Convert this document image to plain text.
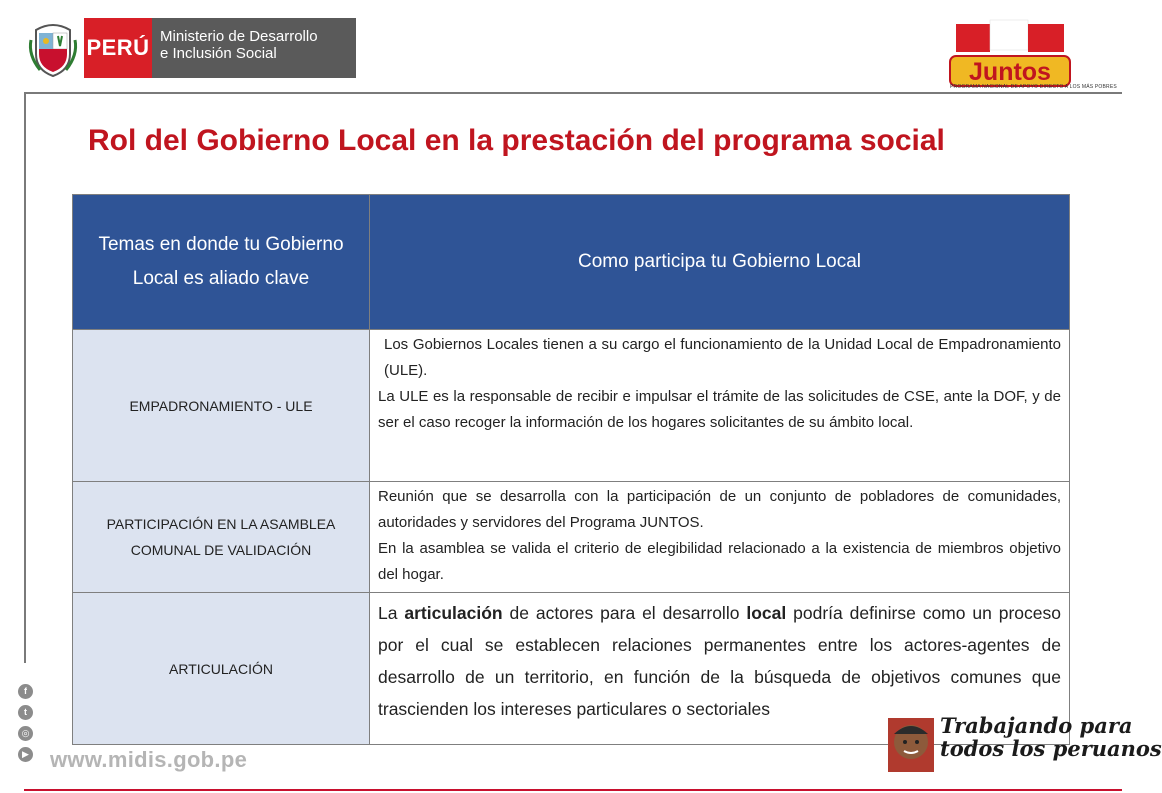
PERÚ Ministerio de Desarrollo
e Inclusión Social
Juntos
PROGRAMA NACIONAL DE APOYO DIRECTO A LOS MÁS POBRES
Rol del Gobierno Local en la prestación del programa social
Temas en donde tu Gobierno Local es aliado clave	Como participa tu Gobierno Local
EMPADRONAMIENTO - ULE	Los Gobiernos Locales tienen a su cargo el funcionamiento de la Unidad Local de Empadronamiento (ULE).

La ULE es la responsable de recibir e impulsar el trámite de las solicitudes de CSE, ante la DOF, y de ser el caso recoger la información de los hogares solicitantes de su ámbito local.

PARTICIPACIÓN EN LA ASAMBLEA COMUNAL DE VALIDACIÓN	Reunión que se desarrolla con la participación de un conjunto de pobladores de comunidades, autoridades y servidores del Programa JUNTOS.

En la asamblea se valida el criterio de elegibilidad relacionado a la existencia de miembros objetivo del hogar.

ARTICULACIÓN	La articulación de actores para el desarrollo local podría definirse como un proceso por el cual se establecen relaciones permanentes entre los actores-agentes de desarrollo de un territorio, en función de la búsqueda de objetivos comunes que trascienden los intereses particulares o sectoriales

f
t
◎
▶ www.midis.gob.pe
Trabajando para
todos los peruanos
